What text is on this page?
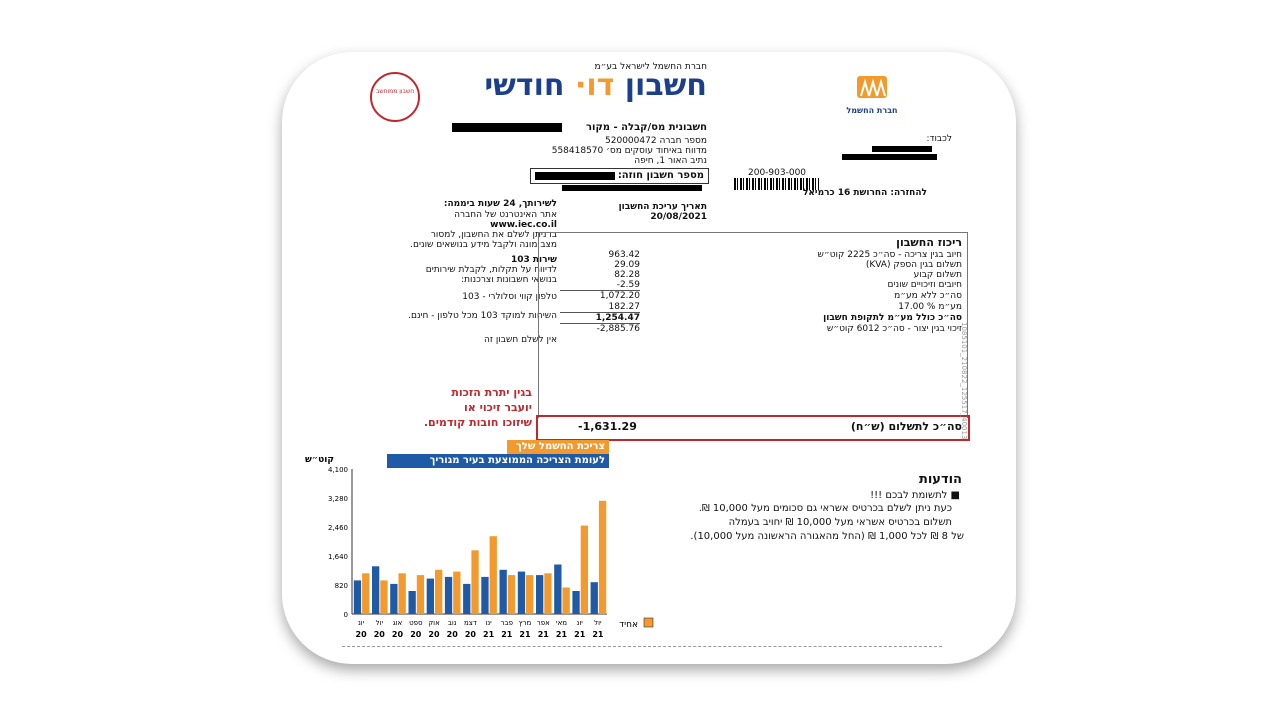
חברת החשמל לישראל בע״מ
חשבון דו· חודשי
חשבון ממוחשב
חברת החשמל
חשבונית מס/קבלה - מקור
מספר חברה 520000472
מדווח באיחוד עוסקים מס׳ 558418570
נתיב האור 1, חיפה
מספר חשבון חוזה:
לכבוד:
200-903-000
להחזרה: החרושת 16 כרמיאל
לשירותך, 24 שעות ביממה:
אתר האינטרנט של החברה
www.iec.co.il
בו ניתן לשלם את החשבון, למסור
מצב מונה ולקבל מידע בנושאים שונים.
שירות 103
לדיווח על תקלות, לקבלת שירותים
בנושאי חשבונות וצרכנות:
טלפון קווי וסלולרי - 103
השיחות למוקד 103 מכל טלפון - חינם.
אין לשלם חשבון זה
תאריך עריכת החשבון
20/08/2021
ריכוז החשבון
חיוב בגין צריכה - סה״כ 2225 קוט״ש
963.42
תשלום בגין הספק (KVA)
29.09
תשלום קבוע
82.28
חיובים וזיכויים שונים
-2.59
סה״כ ללא מע״מ
1,072.20
מע״מ % 17.00
182.27
סה״כ כולל מע״מ לתקופת חשבון
1,254.47
זיכוי בגין יצור - סה״כ 6012 קוט״ש
-2,885.76
סה״כ לתשלום (ש״ח)
-1,631.29	1085101_210822_125517_40013
בגין יתרת הזכות
יועבר זיכוי או
שיזוכו חובות קודמים.
צריכת החשמל שלך
לעומת הצריכה הממוצעת בעיר מגוריך
קוט״ש
4,100
3,280
2,460
1,640
820
0
יול
21
יונ
21
מאי
21
אפר
21
מרץ
21
פבר
21
ינו
21
דצמ
20
נוב
20
אוק
20
ספט
20
אוג
20
יול
20
יונ
20
אחיד
הודעות
■ לתשומת לבכם !!!
כעת ניתן לשלם בכרטיס אשראי גם סכומים מעל 10,000 ₪.
תשלום בכרטיס אשראי מעל 10,000 ₪ יחויב בעמלה
של 8 ₪ לכל 1,000 ₪ (החל מהאגורה הראשונה מעל 10,000).
